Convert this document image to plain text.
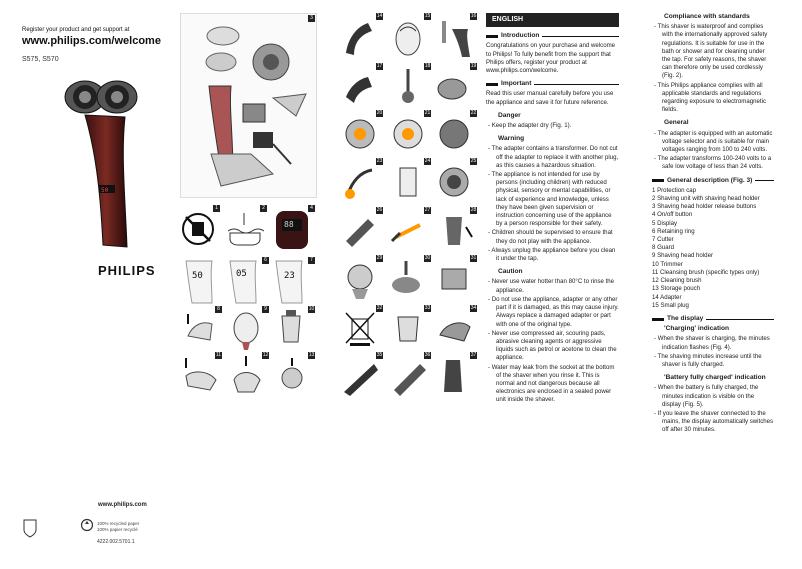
Register your product and get support at
www.philips.com/welcome
S575, S570
50
PHILIPS
www.philips.com
100% recycled paper
100% papier recyclé
4222.002.5701.1
3
1	2	4
88
50
6
05
7
23
8	9	10
11	12	13
14	15	16
17	18	19
20	21	22
23	24	25
26	27	28
29	30	31
32	33	34
35	36	37
ENGLISH
Introduction

Congratulations on your purchase and welcome to Philips! To fully benefit from the support that Philips offers, register your product at www.philips.com/welcome.

Important

Read this user manual carefully before you use the appliance and save it for future reference.

Danger

- Keep the adapter dry (Fig. 1).

Warning

- The adapter contains a transformer. Do not cut off the adapter to replace it with another plug, as this causes a hazardous situation.

- The appliance is not intended for use by persons (including children) with reduced physical, sensory or mental capabilities, or lack of experience and knowledge, unless they have been given supervision or instruction concerning use of the appliance by a person responsible for their safety.

- Children should be supervised to ensure that they do not play with the appliance.

- Always unplug the appliance before you clean it under the tap.

Caution

- Never use water hotter than 80°C to rinse the appliance.

- Do not use the appliance, adapter or any other part if it is damaged, as this may cause injury. Always replace a damaged adapter or part with one of the original type.

- Never use compressed air, scouring pads, abrasive cleaning agents or aggressive liquids such as petrol or acetone to clean the appliance.

- Water may leak from the socket at the bottom of the shaver when you rinse it. This is normal and not dangerous because all electronics are enclosed in a sealed power unit inside the shaver.

Compliance with standards

- This shaver is waterproof and complies with the internationally approved safety regulations. It is suitable for use in the bath or shower and for cleaning under the tap. For safety reasons, the shaver can therefore only be used cordlessly (Fig. 2).

- This Philips appliance complies with all applicable standards and regulations regarding exposure to electromagnetic fields.

General

- The adapter is equipped with an automatic voltage selector and is suitable for main voltages ranging from 100 to 240 volts.

- The adapter transforms 100-240 volts to a safe low voltage of less than 24 volts.

General description (Fig. 3)
1 Protection cap
2 Shaving unit with shaving head holder
3 Shaving head holder release buttons
4 On/off button
5 Display
6 Retaining ring
7 Cutter
8 Guard
9 Shaving head holder
10 Trimmer
11 Cleansing brush (specific types only)
12 Cleaning brush
13 Storage pouch
14 Adapter
15 Small plug
The display
'Charging' indication

- When the shaver is charging, the minutes indication flashes (Fig. 4).

- The shaving minutes increase until the shaver is fully charged.

'Battery fully charged' indication

- When the battery is fully charged, the minutes indication is visible on the display (Fig. 5).

- If you leave the shaver connected to the mains, the display automatically switches off after 30 minutes.
